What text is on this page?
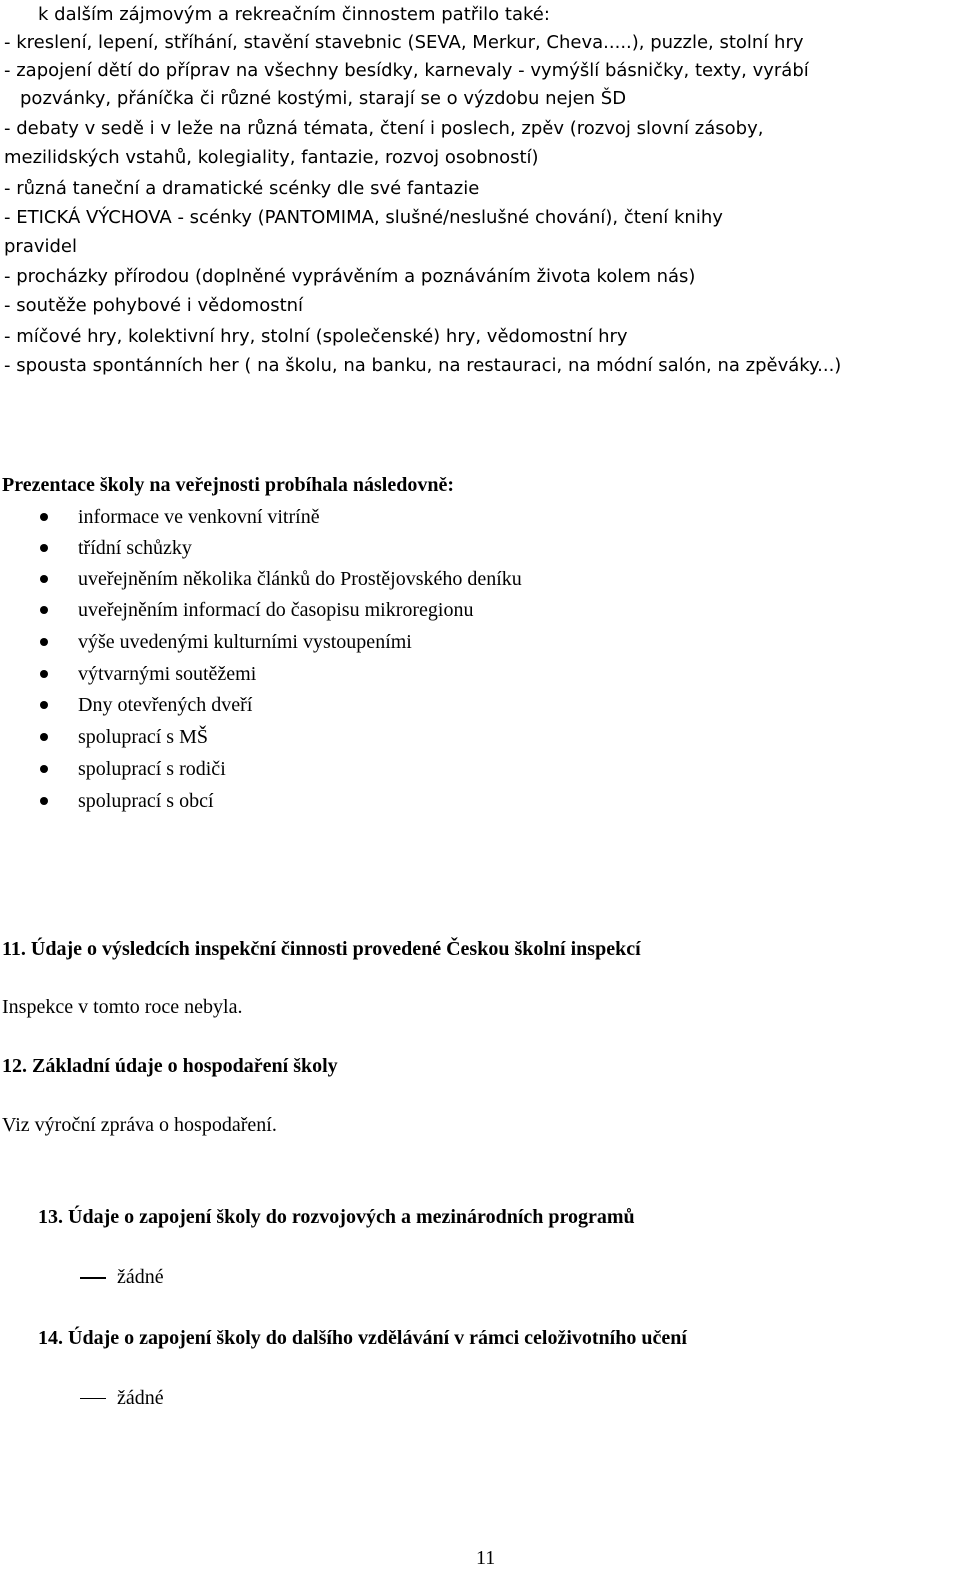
k dalším zájmovým a rekreačním činnostem patřilo také:
- kreslení, lepení, stříhání, stavění stavebnic (SEVA, Merkur, Cheva.....), puzzle, stolní hry
- zapojení dětí do příprav na všechny besídky, karnevaly - vymýšlí básničky, texty, vyrábí
pozvánky, přáníčka či různé kostými, starají se o výzdobu nejen ŠD
- debaty v sedě i v leže na různá témata, čtení i poslech, zpěv (rozvoj slovní zásoby,
mezilidských vstahů, kolegiality, fantazie, rozvoj osobností)
- různá taneční a dramatické scénky dle své fantazie
- ETICKÁ VÝCHOVA - scénky (PANTOMIMA, slušné/neslušné chování), čtení knihy
pravidel
- procházky přírodou (doplněné vyprávěním a poznáváním života kolem nás)
- soutěže pohybové i vědomostní
- míčové hry, kolektivní hry, stolní (společenské) hry, vědomostní hry
- spousta spontánních her ( na školu, na banku, na restauraci, na módní salón, na zpěváky...)
Prezentace školy na veřejnosti probíhala následovně:
informace ve venkovní vitríně
třídní schůzky
uveřejněním několika článků do Prostějovského deníku
uveřejněním informací do časopisu mikroregionu
výše uvedenými kulturními vystoupeními
výtvarnými soutěžemi
Dny otevřených dveří
spoluprací s MŠ
spoluprací s rodiči
spoluprací s obcí
11. Údaje o výsledcích inspekční činnosti provedené Českou školní inspekcí
Inspekce v tomto roce nebyla.
12. Základní údaje o hospodaření školy
Viz výroční zpráva o hospodaření.
13. Údaje o zapojení školy do rozvojových a mezinárodních programů
žádné
14. Údaje o zapojení školy do dalšího vzdělávání v rámci celoživotního učení
žádné
11
